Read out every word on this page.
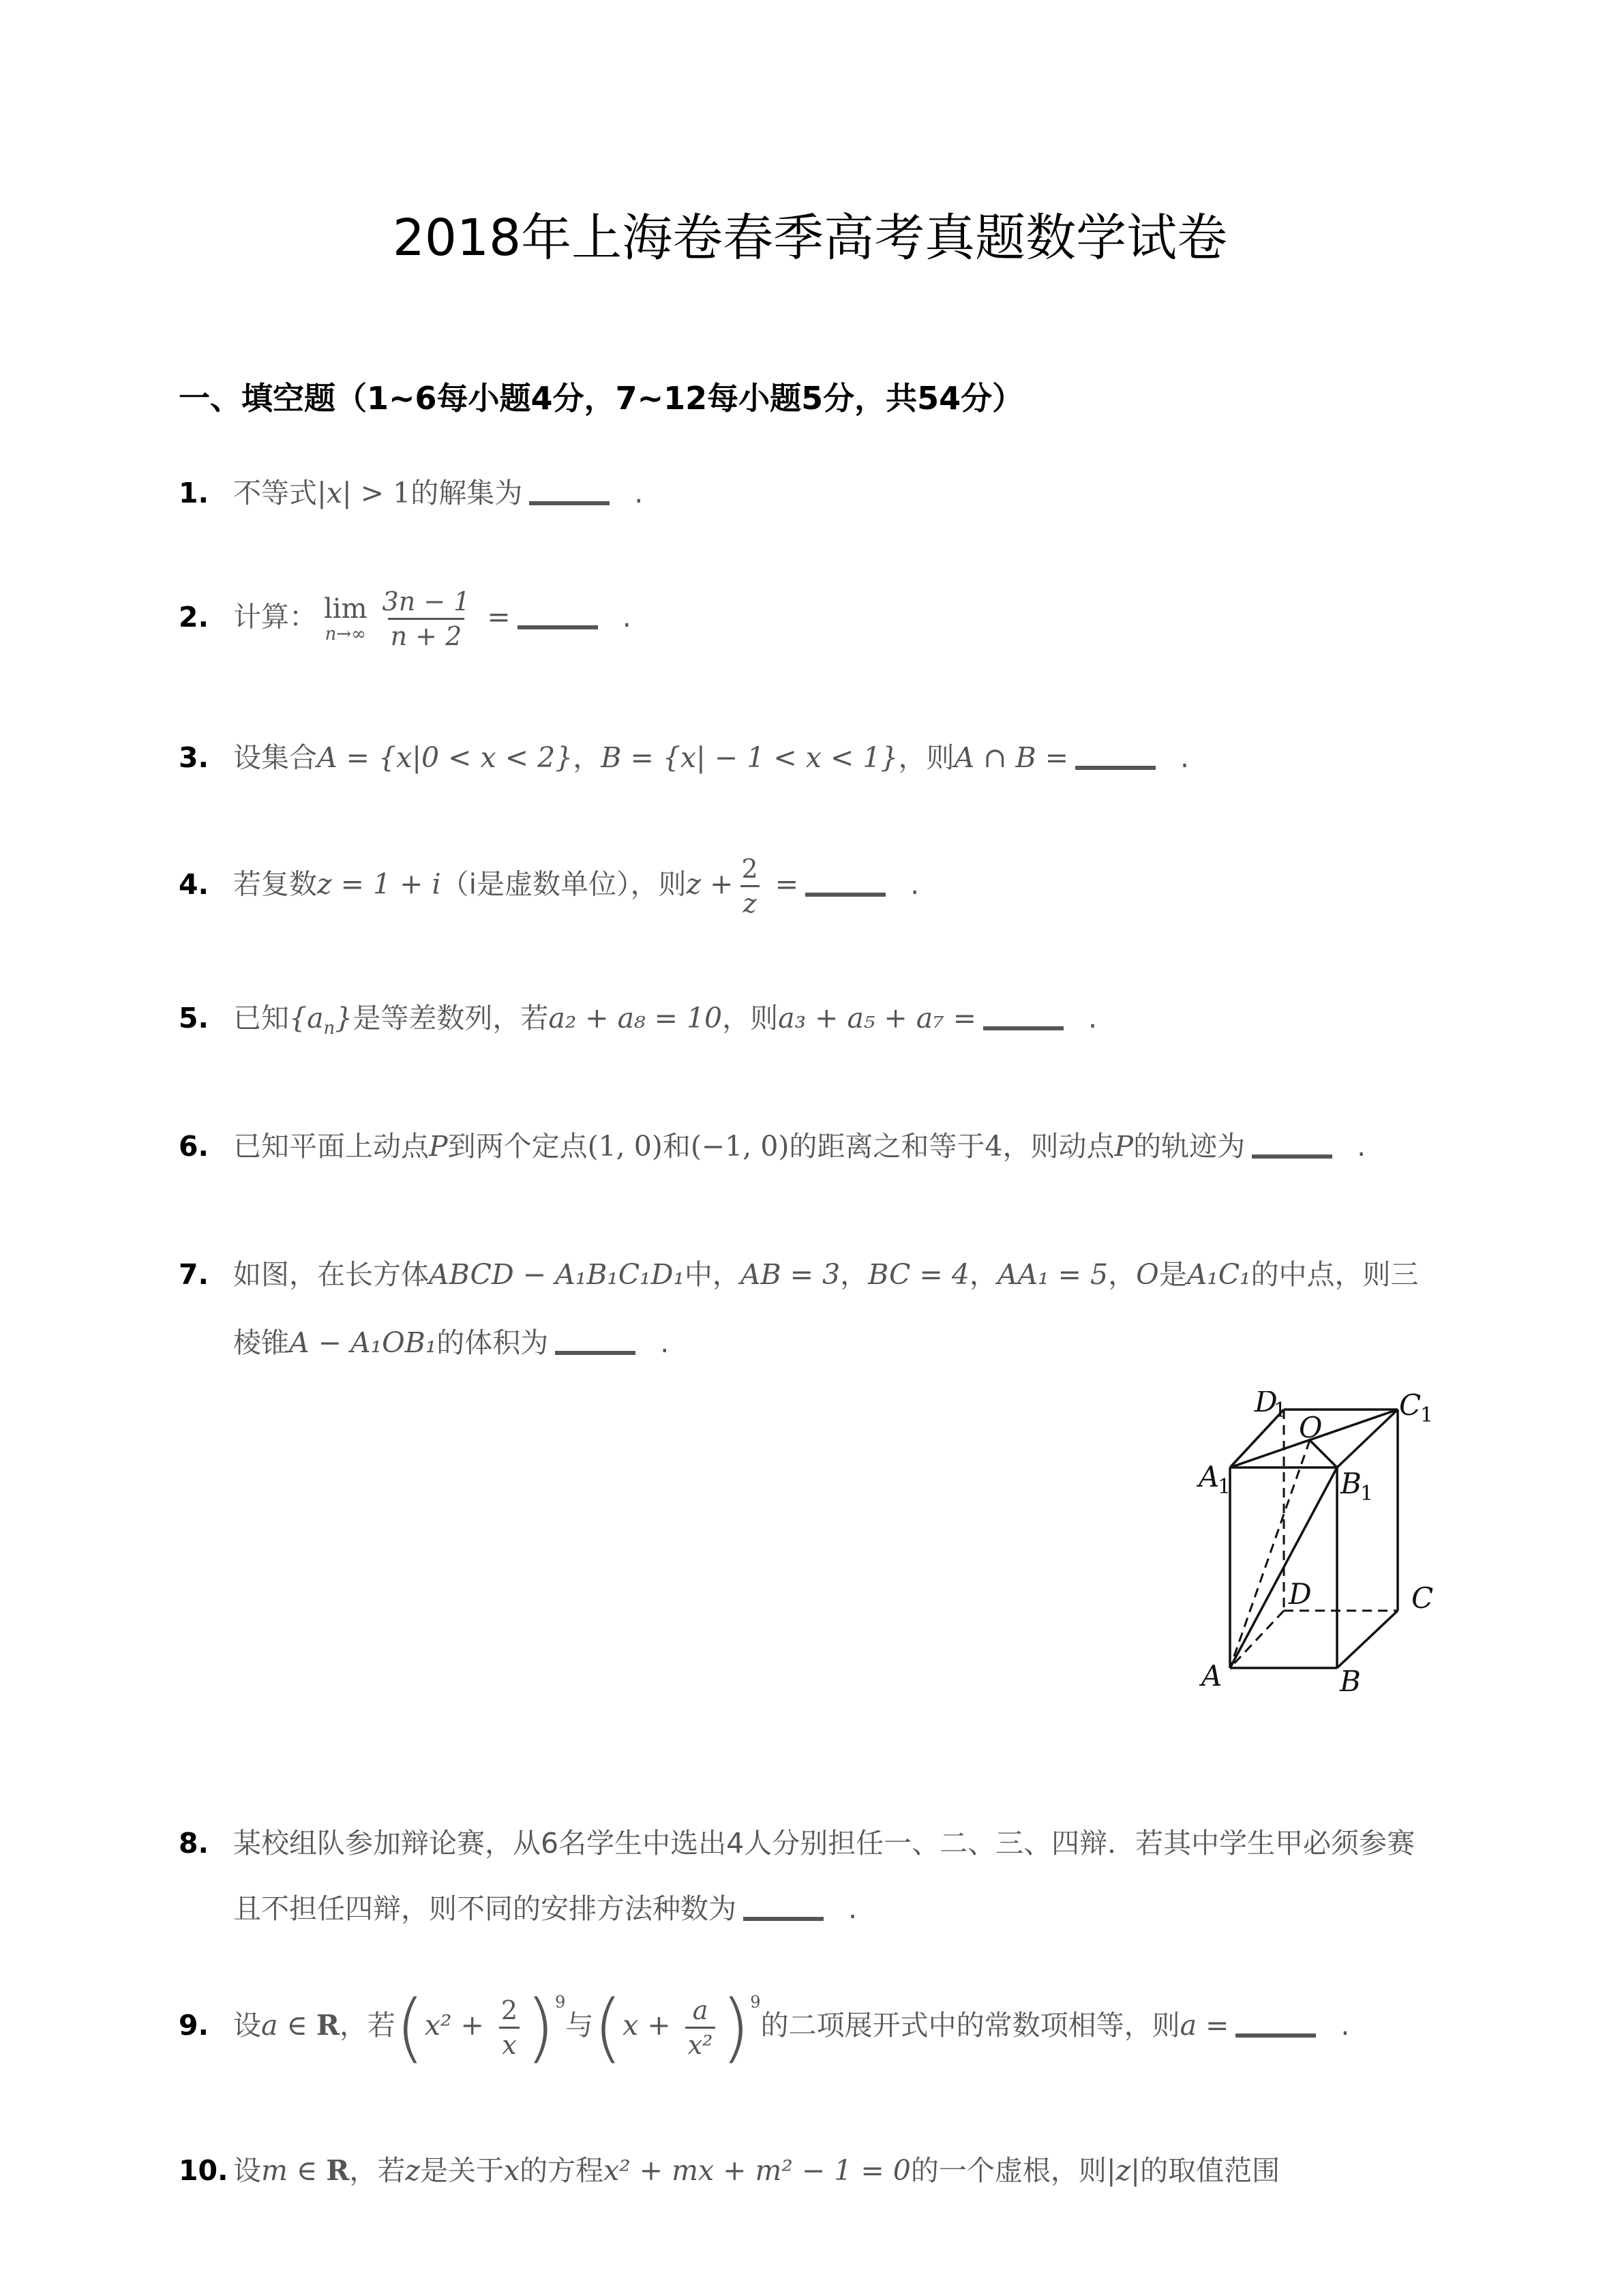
2018年上海卷春季高考真题数学试卷
一、填空题（1~6每小题4分，7~12每小题5分，共54分）
1. 不等式|x| > 1的解集为	.
2. 计算： lim
$n\to\infty \frac{3n - 1}{n + 2}$ =	.
3. 设集合A = {x|0 < x < 2}，B = {x| − 1 < x < 1}，则A ∩ B =	.
4. 若复数z = 1 + i（i是虚数单位），则$z + \frac{2}{z}$ =	.
5. 已知$\{a_n\}$是等差数列，若a₂ + a₈ = 10，则a₃ + a₅ + a₇ =	.
6. 已知平面上动点P到两个定点(1, 0)和(−1, 0)的距离之和等于4，则动点P的轨迹为	.
7. 如图，在长方体ABCD − A₁B₁C₁D₁中，AB = 3，BC = 4，AA₁ = 5，O是A₁C₁的中点，则三
棱锥A − A₁OB₁的体积为	.
D
1	C
1
O
A
1	B
1
D	C
A	B
8. 某校组队参加辩论赛，从6名学生中选出4人分别担任一、二、三、四辩．若其中学生甲必须参赛
且不担任四辩，则不同的安排方法种数为	.
9. 设a ∈ R，若$(x^2 + \frac{2}{x} )^9$与$(x + \frac{a}{\text{x²}} )^9$的二项展开式中的常数项相等，则a =	.
10. 设m ∈ R，若z是关于x的方程x² + mx + m² − 1 = 0的一个虚根，则|z|的取值范围
